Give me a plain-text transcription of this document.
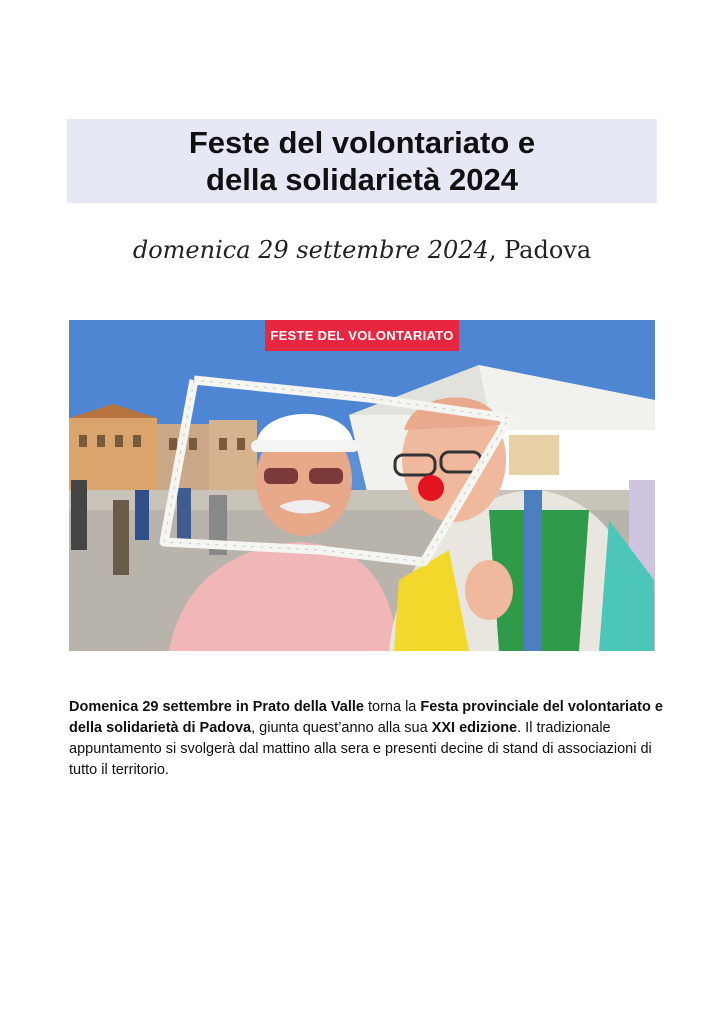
Feste del volontariato e
della solidarietà 2024
domenica 29 settembre 2024, Padova
FESTE DEL VOLONTARIATO
Domenica 29 settembre in Prato della Valle torna la Festa provinciale del volontariato e della solidarietà di Padova, giunta quest’anno alla sua XXI edizione. Il tradizionale appuntamento si svolgerà dal mattino alla sera e presenti decine di stand di associazioni di tutto il territorio.
